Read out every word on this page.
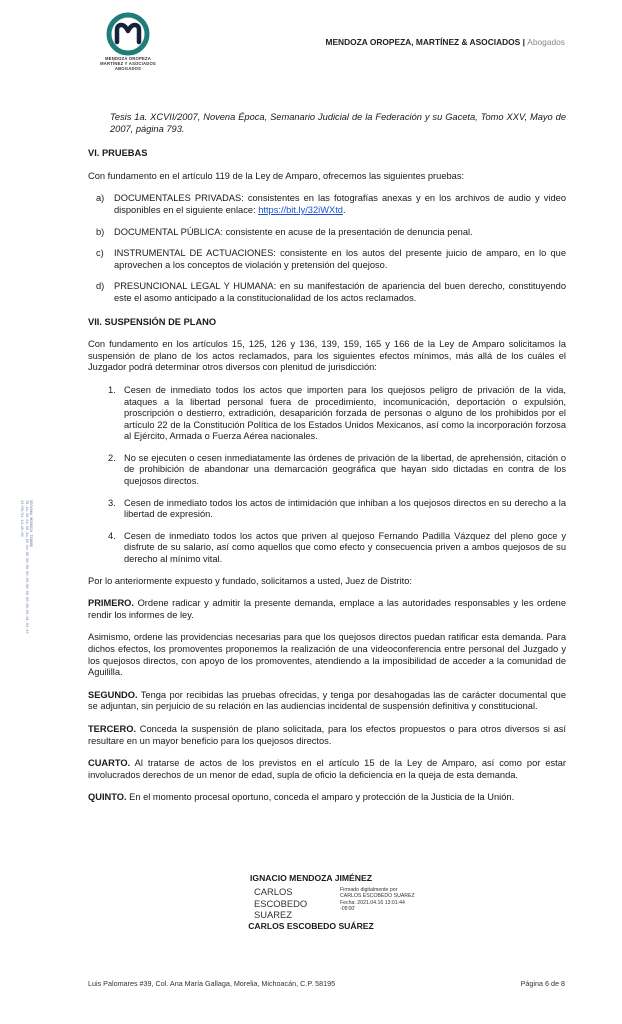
MENDOZA OROPEZA
MARTÍNEZ Y ASOCIADOS
ABOGADOS
MENDOZA OROPEZA, MARTÍNEZ & ASOCIADOS | Abogados
GEOVANA MENDOZA TENDRE
70.6a.66.6e.66.6a.65.6e.00.00.00.00.00.00.00.00.00.00.01.03.e7
13/05/21 13:16:30
Tesis 1a. XCVII/2007, Novena Época, Semanario Judicial de la Federación y su Gaceta, Tomo XXV, Mayo de 2007, página 793.
VI. PRUEBAS

Con fundamento en el artículo 119 de la Ley de Amparo, ofrecemos las siguientes pruebas:

a)	DOCUMENTALES PRIVADAS: consistentes en las fotografías anexas y en los archivos de audio y video disponibles en el siguiente enlace: https://bit.ly/32iWXtd.
b)	DOCUMENTAL PÚBLICA: consistente en acuse de la presentación de denuncia penal.
c)	INSTRUMENTAL DE ACTUACIONES: consistente en los autos del presente juicio de amparo, en lo que aprovechen a los conceptos de violación y pretensión del quejoso.
d)	PRESUNCIONAL LEGAL Y HUMANA: en su manifestación de apariencia del buen derecho, constituyendo este el asomo anticipado a la constitucionalidad de los actos reclamados.
VII. SUSPENSIÓN DE PLANO

Con fundamento en los artículos 15, 125, 126 y 136, 139, 159, 165 y 166 de la Ley de Amparo solicitamos la suspensión de plano de los actos reclamados, para los siguientes efectos mínimos, más allá de los cuáles el Juzgador podrá determinar otros diversos con plenitud de jurisdicción:

1. Cesen de inmediato todos los actos que importen para los quejosos peligro de privación de la vida, ataques a la libertad personal fuera de procedimiento, incomunicación, deportación o expulsión, proscripción o destierro, extradición, desaparición forzada de personas o alguno de los prohibidos por el artículo 22 de la Constitución Política de los Estados Unidos Mexicanos, así como la incorporación forzosa al Ejército, Armada o Fuerza Aérea nacionales.
2. No se ejecuten o cesen inmediatamente las órdenes de privación de la libertad, de aprehensión, citación o de prohibición de abandonar una demarcación geográfica que hayan sido dictadas en contra de los quejosos directos.
3. Cesen de inmediato todos los actos de intimidación que inhiban a los quejosos directos en su derecho a la libertad de expresión.
4. Cesen de inmediato todos los actos que priven al quejoso Fernando Padilla Vázquez del pleno goce y disfrute de su salario, así como aquellos que como efecto y consecuencia priven a ambos quejosos de su derecho al mínimo vital.

Por lo anteriormente expuesto y fundado, solicitamos a usted, Juez de Distrito:

PRIMERO. Ordene radicar y admitir la presente demanda, emplace a las autoridades responsables y les ordene rendir los informes de ley.

Asimismo, ordene las providencias necesarias para que los quejosos directos puedan ratificar esta demanda. Para dichos efectos, los promoventes proponemos la realización de una videoconferencia entre personal del Juzgado y los quejosos directos, con apoyo de los promoventes, atendiendo a la imposibilidad de acceder a la comunidad de Aguililla.

SEGUNDO. Tenga por recibidas las pruebas ofrecidas, y tenga por desahogadas las de carácter documental que se adjuntan, sin perjuicio de su relación en las audiencias incidental de suspensión definitiva y constitucional.

TERCERO. Conceda la suspensión de plano solicitada, para los efectos propuestos o para otros diversos si así resultare en un mayor beneficio para los quejosos directos.

CUARTO. Al tratarse de actos de los previstos en el artículo 15 de la Ley de Amparo, así como por estar involucrados derechos de un menor de edad, supla de oficio la deficiencia en la queja de esta demanda.

QUINTO. En el momento procesal oportuno, conceda el amparo y protección de la Justicia de la Unión.

IGNACIO MENDOZA JIMÉNEZ
CARLOS ESCOBEDO SUAREZ
Firmado digitalmente por
CARLOS ESCOBEDO SUAREZ
Fecha: 2021.04.16 13:01:44
-05'00'
CARLOS ESCOBEDO SUÁREZ
Luis Palomares #39, Col. Ana María Gallaga, Morelia, Michoacán, C.P. 58195	Página 6 de 8
